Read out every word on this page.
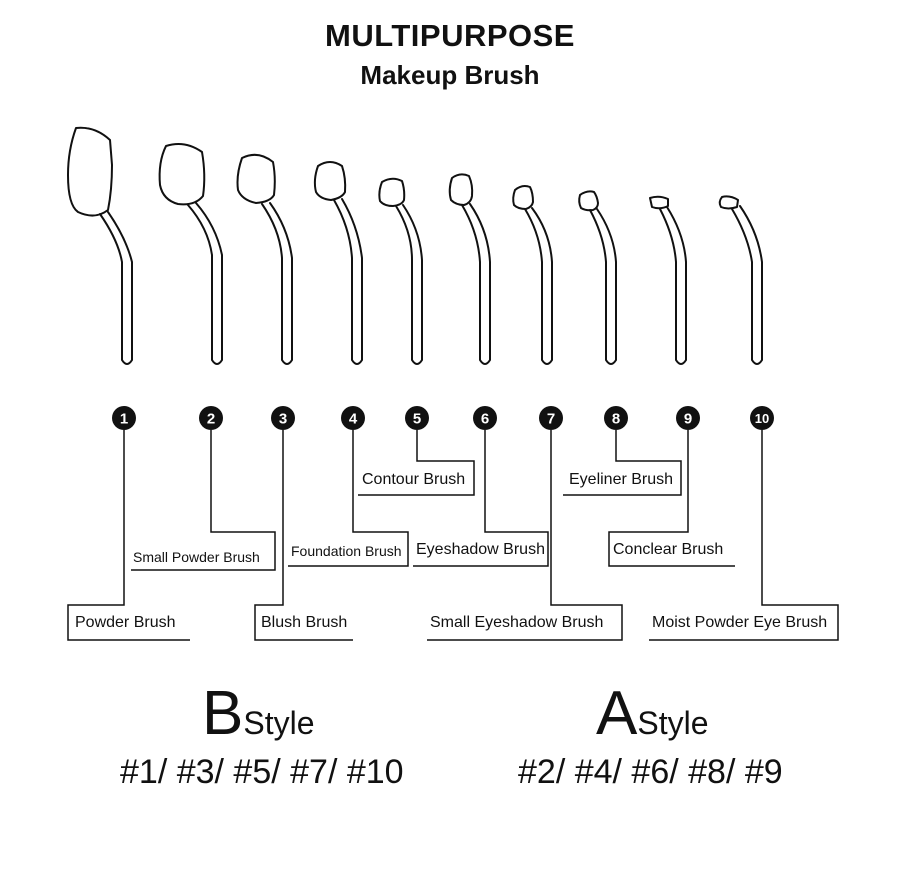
MULTIPURPOSE
Makeup Brush
1	2	3	4	5	6	7	8	9	10
Powder Brush
Small Powder Brush
Blush Brush
Foundation Brush
Contour Brush
Eyeshadow Brush
Small Eyeshadow Brush
Eyeliner Brush
Conclear Brush
Moist Powder Eye Brush
BStyle
#1/ #3/ #5/ #7/ #10
AStyle
#2/ #4/ #6/ #8/ #9
